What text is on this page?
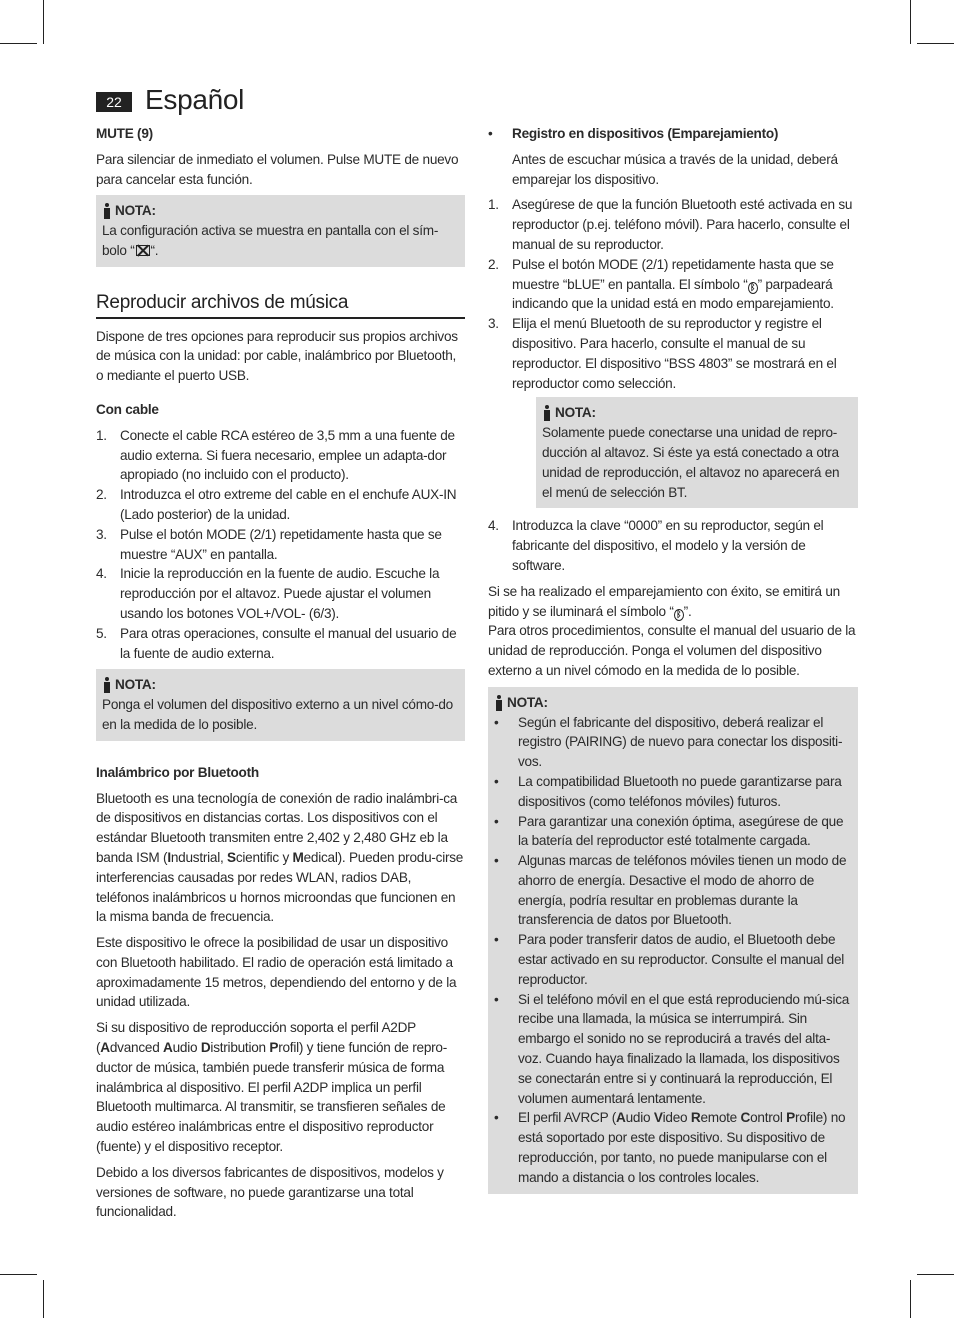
22 Español

MUTE (9)

Para silenciar de inmediato el volumen. Pulse MUTE de nuevo para cancelar esta función.

NOTA:
La configuración activa se muestra en pantalla con el sím-bolo “ “.
Reproducir archivos de música

Dispone de tres opciones para reproducir sus propios archivos de música con la unidad: por cable, inalámbrico por Bluetooth, o mediante el puerto USB.

Con cable

1. Conecte el cable RCA estéreo de 3,5 mm a una fuente de audio externa. Si fuera necesario, emplee un adapta-dor apropiado (no incluido con el producto).
2. Introduzca el otro extreme del cable en el enchufe AUX-IN (Lado posterior) de la unidad.
3. Pulse el botón MODE (2/1) repetidamente hasta que se muestre “AUX” en pantalla.
4. Inicie la reproducción en la fuente de audio. Escuche la reproducción por el altavoz. Puede ajustar el volumen usando los botones VOL+/VOL- (6/3).
5. Para otras operaciones, consulte el manual del usuario de la fuente de audio externa.
NOTA:
Ponga el volumen del dispositivo externo a un nivel cómo-do en la medida de lo posible.

Inalámbrico por Bluetooth

Bluetooth es una tecnología de conexión de radio inalámbri-ca de dispositivos en distancias cortas. Los dispositivos con el estándar Bluetooth transmiten entre 2,402 y 2,480 GHz eb la banda ISM (Industrial, Scientific y Medical). Pueden produ-cirse interferencias causadas por redes WLAN, radios DAB, teléfonos inalámbricos u hornos microondas que funcionen en la misma banda de frecuencia.

Este dispositivo le ofrece la posibilidad de usar un dispositivo con Bluetooth habilitado. El radio de operación está limitado a aproximadamente 15 metros, dependiendo del entorno y de la unidad utilizada.

Si su dispositivo de reproducción soporta el perfil A2DP (Advanced Audio Distribution Profil) y tiene función de repro-ductor de música, también puede transferir música de forma inalámbrica al dispositivo. El perfil A2DP implica un perfil Bluetooth multimarca. Al transmitir, se transfieren señales de audio estéreo inalámbricas entre el dispositivo reproductor (fuente) y el dispositivo receptor.

Debido a los diversos fabricantes de dispositivos, modelos y versiones de software, no puede garantizarse una total funcionalidad.

•	Registro en dispositivos (Emparejamiento)

Antes de escuchar música a través de la unidad, deberá emparejar los dispositivo.

1. Asegúrese de que la función Bluetooth esté activada en su reproductor (p.ej. teléfono móvil). Para hacerlo, consulte el manual de su reproductor.
2. Pulse el botón MODE (2/1) repetidamente hasta que se muestre “bLUE” en pantalla. El símbolo “ ᛒ ” parpadeará indicando que la unidad está en modo emparejamiento.
3. Elija el menú Bluetooth de su reproductor y registre el dispositivo. Para hacerlo, consulte el manual de su reproductor. El dispositivo “BSS 4803” se mostrará en el reproductor como selección.
NOTA:
Solamente puede conectarse una unidad de repro-ducción al altavoz. Si éste ya está conectado a otra unidad de reproducción, el altavoz no aparecerá en el menú de selección BT.
4. Introduzca la clave “0000” en su reproductor, según el fabricante del dispositivo, el modelo y la versión de software.

Si se ha realizado el emparejamiento con éxito, se emitirá un pitido y se iluminará el símbolo “ ᛒ ”.

Para otros procedimientos, consulte el manual del usuario de la unidad de reproducción. Ponga el volumen del dispositivo externo a un nivel cómodo en la medida de lo posible.

NOTA:
•	Según el fabricante del dispositivo, deberá realizar el registro (PAIRING) de nuevo para conectar los dispositi-vos.
•	La compatibilidad Bluetooth no puede garantizarse para dispositivos (como teléfonos móviles) futuros.
•	Para garantizar una conexión óptima, asegúrese de que la batería del reproductor esté totalmente cargada.
•	Algunas marcas de teléfonos móviles tienen un modo de ahorro de energía. Desactive el modo de ahorro de energía, podría resultar en problemas durante la transferencia de datos por Bluetooth.
•	Para poder transferir datos de audio, el Bluetooth debe estar activado en su reproductor. Consulte el manual del reproductor.
•	Si el teléfono móvil en el que está reproduciendo mú-sica recibe una llamada, la música se interrumpirá. Sin embargo el sonido no se reproducirá a través del alta-voz. Cuando haya finalizado la llamada, los dispositivos se conectarán entre si y continuará la reproducción, El volumen aumentará lentamente.
•	El perfil AVRCP (Audio Video Remote Control Profile) no está soportado por este dispositivo. Su dispositivo de reproducción, por tanto, no puede manipularse con el mando a distancia o los controles locales.
